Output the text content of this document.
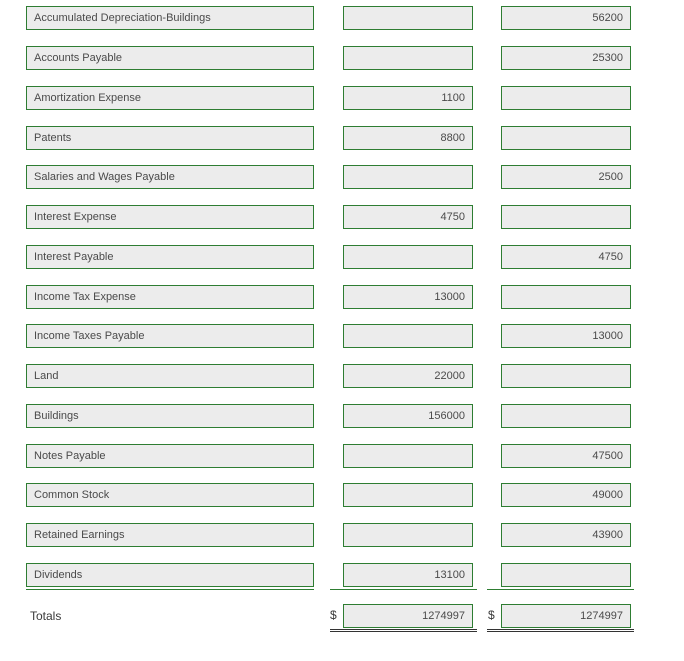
Accumulated Depreciation-Buildings
56200
Accounts Payable
25300
Amortization Expense
1100
Patents
8800
Salaries and Wages Payable
2500
Interest Expense
4750
Interest Payable
4750
Income Tax Expense
13000
Income Taxes Payable
13000
Land
22000
Buildings
156000
Notes Payable
47500
Common Stock
49000
Retained Earnings
43900
Dividends
13100
Totals	$
1274997	$
1274997
